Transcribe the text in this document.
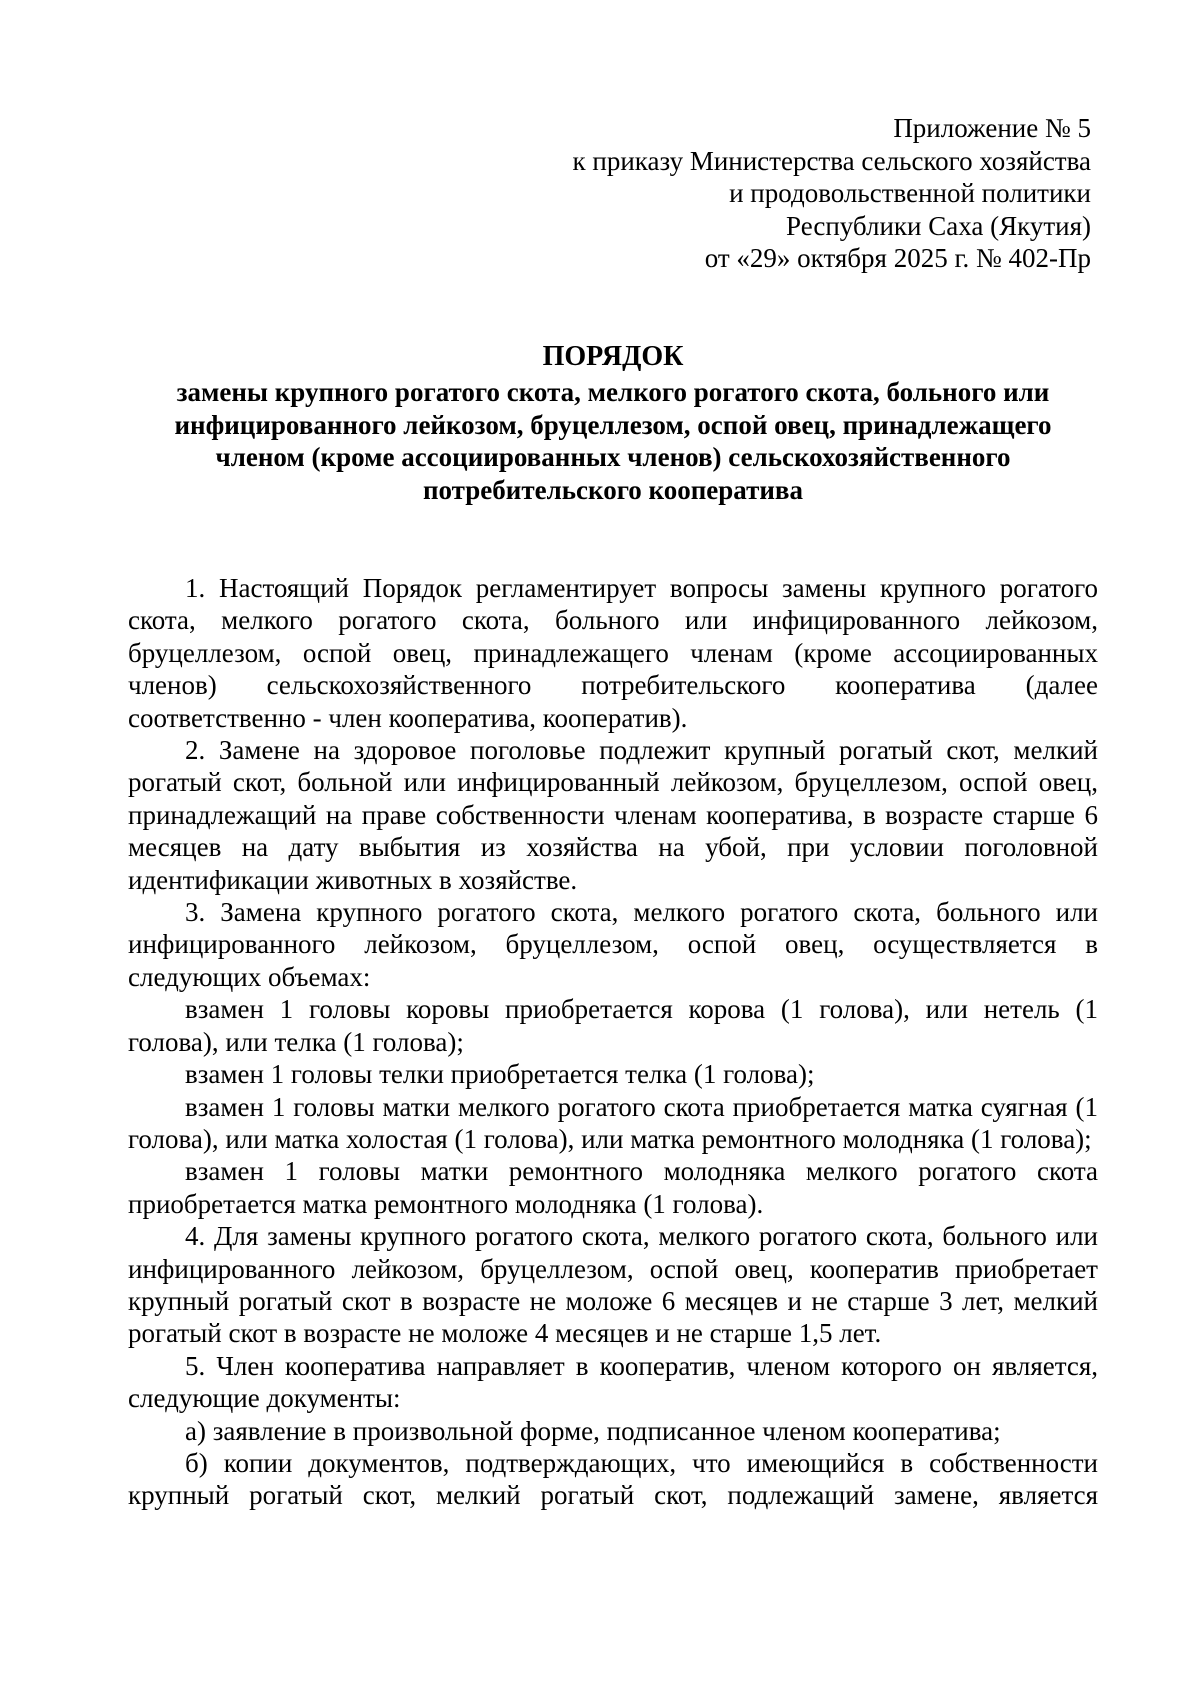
Приложение № 5
к приказу Министерства сельского хозяйства
и продовольственной политики
Республики Саха (Якутия)
от «29» октября 2025 г. № 402-Пр
ПОРЯДОК
замены крупного рогатого скота, мелкого рогатого скота, больного или инфицированного лейкозом, бруцеллезом, оспой овец, принадлежащего членом (кроме ассоциированных членов) сельскохозяйственного потребительского кооператива

1. Настоящий Порядок регламентирует вопросы замены крупного рогатого скота, мелкого рогатого скота, больного или инфицированного лейкозом, бруцеллезом, оспой овец, принадлежащего членам (кроме ассоциированных членов) сельскохозяйственного потребительского кооператива (далее соответственно - член кооператива, кооператив).

2. Замене на здоровое поголовье подлежит крупный рогатый скот, мелкий рогатый скот, больной или инфицированный лейкозом, бруцеллезом, оспой овец, принадлежащий на праве собственности членам кооператива, в возрасте старше 6 месяцев на дату выбытия из хозяйства на убой, при условии поголовной идентификации животных в хозяйстве.

3. Замена крупного рогатого скота, мелкого рогатого скота, больного или инфицированного лейкозом, бруцеллезом, оспой овец, осуществляется в следующих объемах:

взамен 1 головы коровы приобретается корова (1 голова), или нетель (1 голова), или телка (1 голова);

взамен 1 головы телки приобретается телка (1 голова);

взамен 1 головы матки мелкого рогатого скота приобретается матка суягная (1 голова), или матка холостая (1 голова), или матка ремонтного молодняка (1 голова);

взамен 1 головы матки ремонтного молодняка мелкого рогатого скота приобретается матка ремонтного молодняка (1 голова).

4. Для замены крупного рогатого скота, мелкого рогатого скота, больного или инфицированного лейкозом, бруцеллезом, оспой овец, кооператив приобретает крупный рогатый скот в возрасте не моложе 6 месяцев и не старше 3 лет, мелкий рогатый скот в возрасте не моложе 4 месяцев и не старше 1,5 лет.

5. Член кооператива направляет в кооператив, членом которого он является, следующие документы:

а) заявление в произвольной форме, подписанное членом кооператива;

б) копии документов, подтверждающих, что имеющийся в собственности крупный рогатый скот, мелкий рогатый скот, подлежащий замене, является
